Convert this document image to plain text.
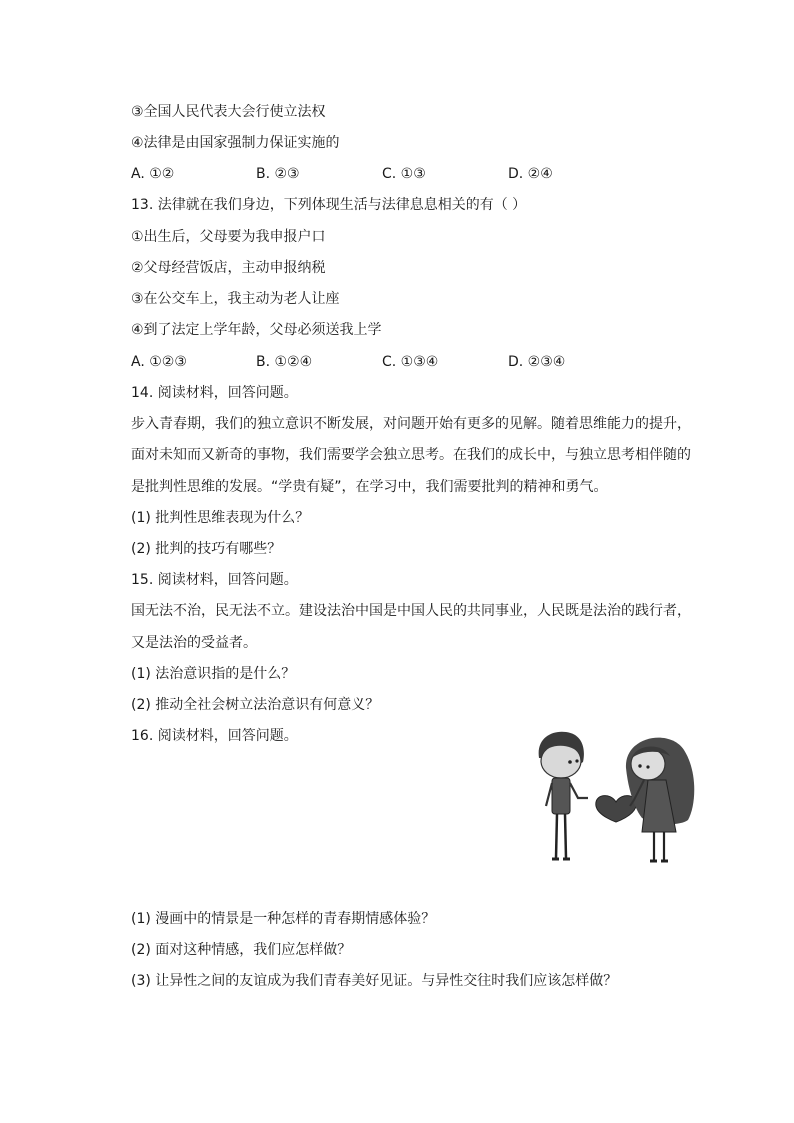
③全国人民代表大会行使立法权
④法律是由国家强制力保证实施的
A. ①②	B. ②③	C. ①③	D. ②④
13. 法律就在我们身边，下列体现生活与法律息息相关的有（ ）
①出生后，父母要为我申报户口
②父母经营饭店，主动申报纳税
③在公交车上，我主动为老人让座
④到了法定上学年龄，父母必须送我上学
A. ①②③	B. ①②④	C. ①③④	D. ②③④
14. 阅读材料，回答问题。
步入青春期，我们的独立意识不断发展，对问题开始有更多的见解。随着思维能力的提升，
面对未知而又新奇的事物，我们需要学会独立思考。在我们的成长中，与独立思考相伴随的
是批判性思维的发展。“学贵有疑”，在学习中，我们需要批判的精神和勇气。
(1) 批判性思维表现为什么？
(2) 批判的技巧有哪些？
15. 阅读材料，回答问题。
国无法不治，民无法不立。建设法治中国是中国人民的共同事业，人民既是法治的践行者，
又是法治的受益者。
(1) 法治意识指的是什么？
(2) 推动全社会树立法治意识有何意义？
16. 阅读材料，回答问题。
(1) 漫画中的情景是一种怎样的青春期情感体验？
(2) 面对这种情感，我们应怎样做？
(3) 让异性之间的友谊成为我们青春美好见证。与异性交往时我们应该怎样做？
